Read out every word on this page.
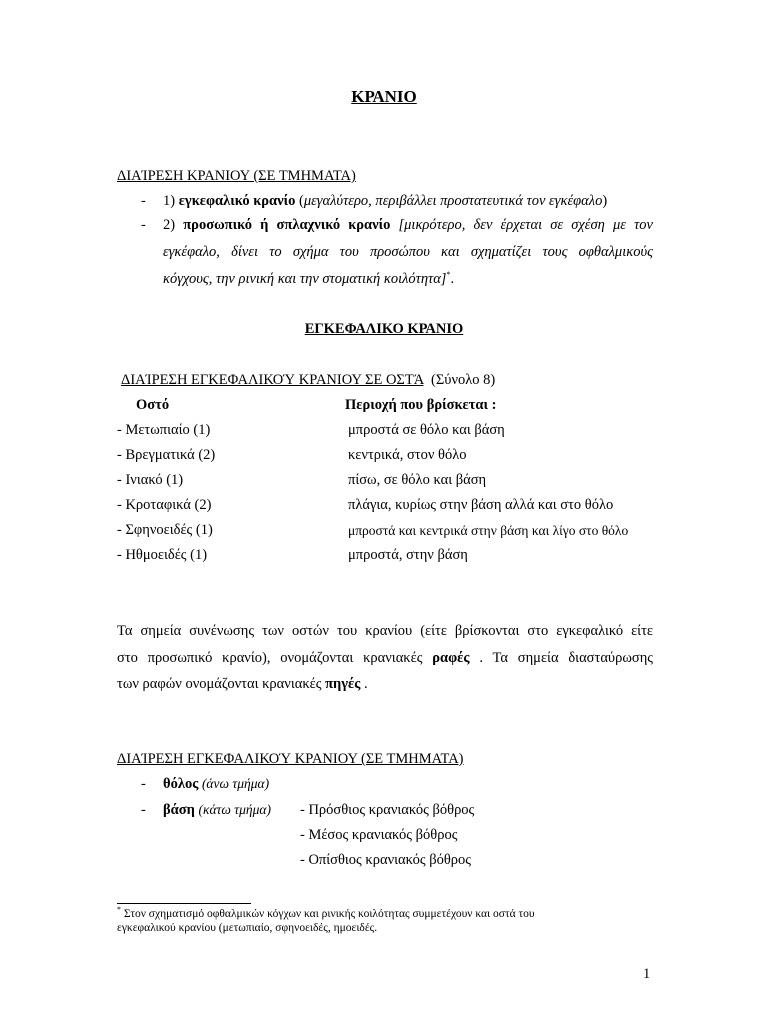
ΚΡΑΝΙΟ
ΔΙΑΊΡΕΣΗ ΚΡΑΝΙΟΥ (ΣΕ ΤΜΗΜΑΤΑ)
- 1) εγκεφαλικό κρανίο (μεγαλύτερο, περιβάλλει προστατευτικά τον εγκέφαλο)
- 2) προσωπικό ή σπλαχνικό κρανίο [μικρότερο, δεν έρχεται σε σχέση με τον
εγκέφαλο, δίνει το σχήμα του προσώπου και σχηματίζει τους οφθαλμικούς
κόγχους, την ρινική και την στοματική κοιλότητα]*.
ΕΓΚΕΦΑΛΙΚΟ ΚΡΑΝΙΟ
ΔΙΑΊΡΕΣΗ ΕΓΚΕΦΑΛΙΚΟΎ ΚΡΑΝΙΟΥ ΣΕ ΟΣΤΆ (Σύνολο 8)
Οστό	Περιοχή που βρίσκεται :
- Μετωπιαίο (1)	μπροστά σε θόλο και βάση
- Βρεγματικά (2)	κεντρικά, στον θόλο
- Ινιακό (1)	πίσω, σε θόλο και βάση
- Κροταφικά (2)	πλάγια, κυρίως στην βάση αλλά και στο θόλο
- Σφηνοειδές (1)	μπροστά και κεντρικά στην βάση και λίγο στο θόλο
- Ηθμοειδές (1)	μπροστά, στην βάση
Τα σημεία συνένωσης των οστών του κρανίου (είτε βρίσκονται στο εγκεφαλικό είτε
στο προσωπικό κρανίο), ονομάζονται κρανιακές ραφές . Τα σημεία διασταύρωσης
των ραφών ονομάζονται κρανιακές πηγές .
ΔΙΑΊΡΕΣΗ ΕΓΚΕΦΑΛΙΚΟΎ ΚΡΑΝΙΟΥ (ΣΕ ΤΜΗΜΑΤΑ)
- θόλος (άνω τμήμα)
- βάση (κάτω τμήμα) - Πρόσθιος κρανιακός βόθρος
- Μέσος κρανιακός βόθρος
- Οπίσθιος κρανιακός βόθρος
* Στον σχηματισμό οφθαλμικών κόγχων και ρινικής κοιλότητας συμμετέχουν και οστά του
εγκεφαλικού κρανίου (μετωπιαίο, σφηνοειδές, ημοειδές.
1
